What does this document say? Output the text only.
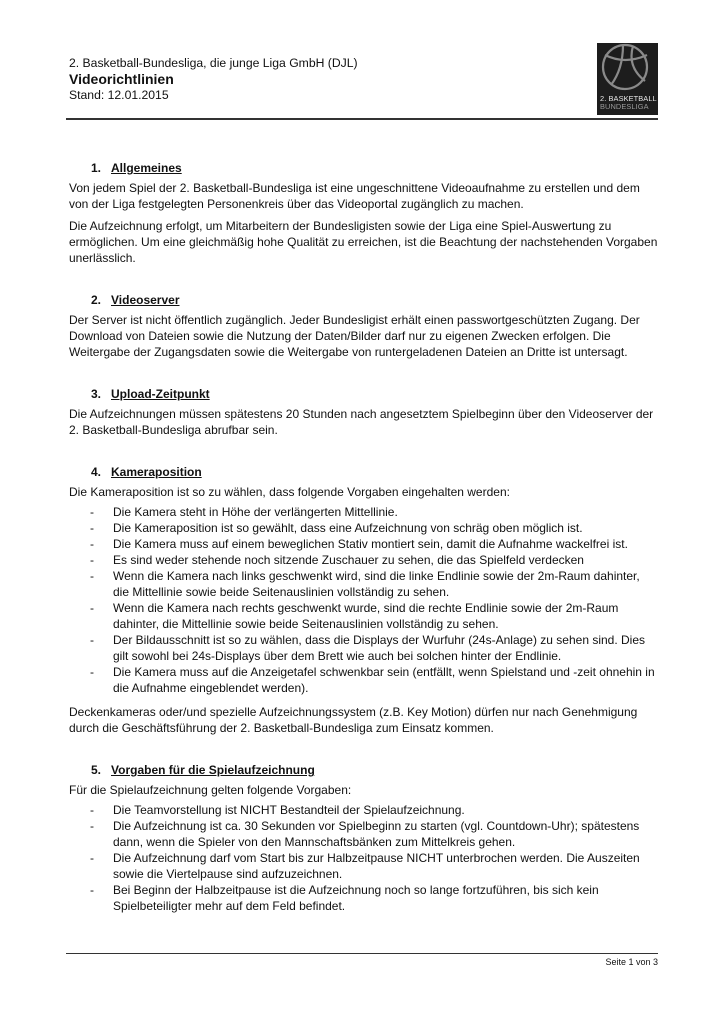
2. Basketball-Bundesliga, die junge Liga GmbH (DJL)
Videorichtlinien
Stand: 12.01.2015	2. BASKETBALL
BUNDESLIGA
1. Allgemeines

Von jedem Spiel der 2. Basketball-Bundesliga ist eine ungeschnittene Videoaufnahme zu erstellen und dem von der Liga festgelegten Personenkreis über das Videoportal zugänglich zu machen.

Die Aufzeichnung erfolgt, um Mitarbeitern der Bundesligisten sowie der Liga eine Spiel-Auswertung zu ermöglichen. Um eine gleichmäßig hohe Qualität zu erreichen, ist die Beachtung der nachstehenden Vorgaben unerlässlich.

2. Videoserver

Der Server ist nicht öffentlich zugänglich. Jeder Bundesligist erhält einen passwortgeschützten Zugang. Der Download von Dateien sowie die Nutzung der Daten/Bilder darf nur zu eigenen Zwecken erfolgen. Die Weitergabe der Zugangsdaten sowie die Weitergabe von runtergeladenen Dateien an Dritte ist untersagt.

3. Upload-Zeitpunkt

Die Aufzeichnungen müssen spätestens 20 Stunden nach angesetztem Spielbeginn über den Videoserver der 2. Basketball-Bundesliga abrufbar sein.

4. Kameraposition

Die Kameraposition ist so zu wählen, dass folgende Vorgaben eingehalten werden:

- Die Kamera steht in Höhe der verlängerten Mittellinie.
- Die Kameraposition ist so gewählt, dass eine Aufzeichnung von schräg oben möglich ist.
- Die Kamera muss auf einem beweglichen Stativ montiert sein, damit die Aufnahme wackelfrei ist.
- Es sind weder stehende noch sitzende Zuschauer zu sehen, die das Spielfeld verdecken
- Wenn die Kamera nach links geschwenkt wird, sind die linke Endlinie sowie der 2m-Raum dahinter, die Mittellinie sowie beide Seitenauslinien vollständig zu sehen.
- Wenn die Kamera nach rechts geschwenkt wurde, sind die rechte Endlinie sowie der 2m-Raum dahinter, die Mittellinie sowie beide Seitenauslinien vollständig zu sehen.
- Der Bildausschnitt ist so zu wählen, dass die Displays der Wurfuhr (24s-Anlage) zu sehen sind. Dies gilt sowohl bei 24s-Displays über dem Brett wie auch bei solchen hinter der Endlinie.
- Die Kamera muss auf die Anzeigetafel schwenkbar sein (entfällt, wenn Spielstand und -zeit ohnehin in die Aufnahme eingeblendet werden).

Deckenkameras oder/und spezielle Aufzeichnungssystem (z.B. Key Motion) dürfen nur nach Genehmigung durch die Geschäftsführung der 2. Basketball-Bundesliga zum Einsatz kommen.

5. Vorgaben für die Spielaufzeichnung

Für die Spielaufzeichnung gelten folgende Vorgaben:

- Die Teamvorstellung ist NICHT Bestandteil der Spielaufzeichnung.
- Die Aufzeichnung ist ca. 30 Sekunden vor Spielbeginn zu starten (vgl. Countdown-Uhr); spätestens dann, wenn die Spieler von den Mannschaftsbänken zum Mittelkreis gehen.
- Die Aufzeichnung darf vom Start bis zur Halbzeitpause NICHT unterbrochen werden. Die Auszeiten sowie die Viertelpause sind aufzuzeichnen.
- Bei Beginn der Halbzeitpause ist die Aufzeichnung noch so lange fortzuführen, bis sich kein Spielbeteiligter mehr auf dem Feld befindet.
Seite 1 von 3
